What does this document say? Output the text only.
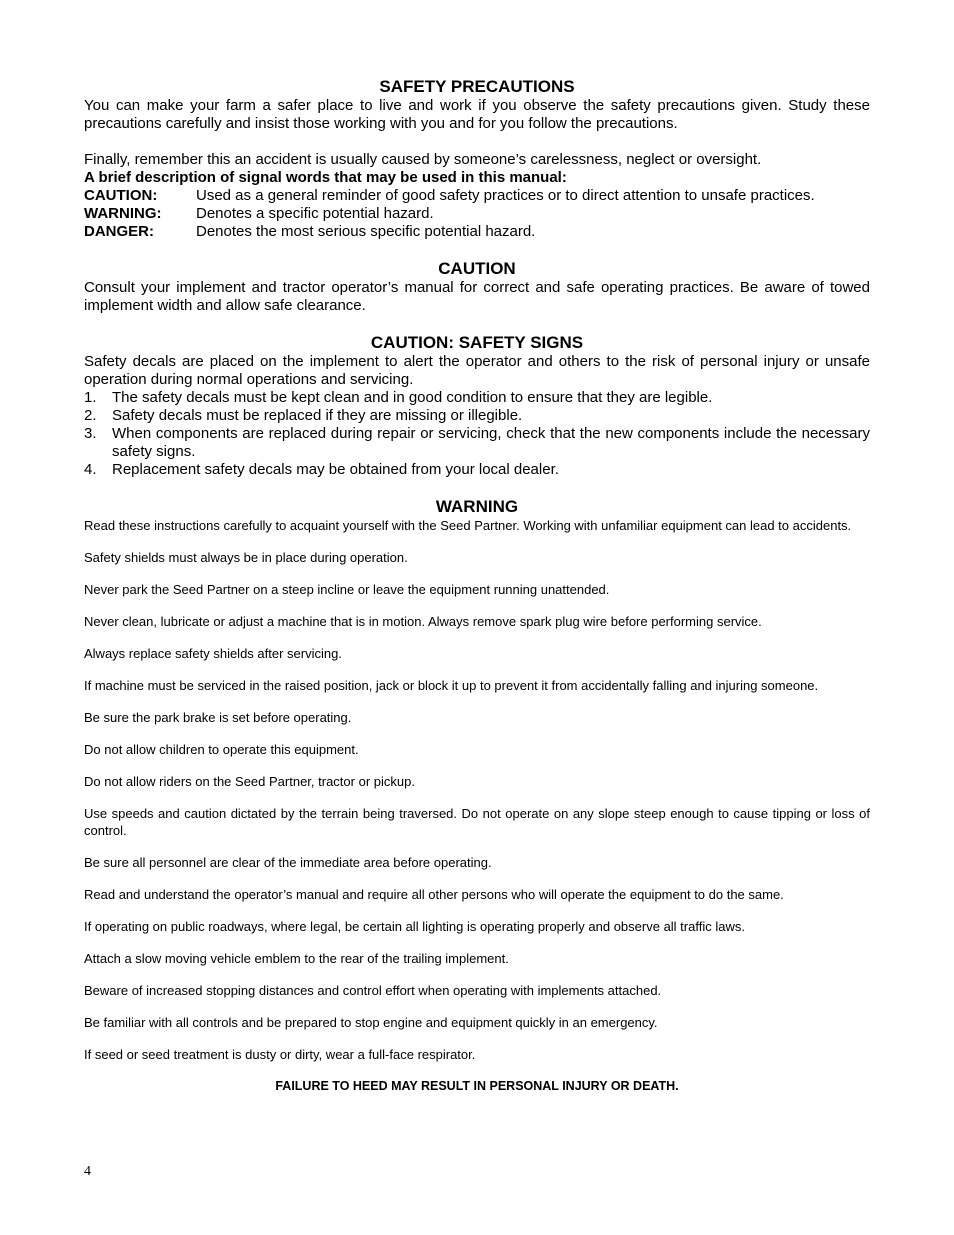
SAFETY PRECAUTIONS

You can make your farm a safer place to live and work if you observe the safety precautions given. Study these precautions carefully and insist those working with you and for you follow the precautions.

Finally, remember this an accident is usually caused by someone’s carelessness, neglect or oversight.

A brief description of signal words that may be used in this manual:

CAUTION:	Used as a general reminder of good safety practices or to direct attention to unsafe practices.
WARNING:	Denotes a specific potential hazard.
DANGER:	Denotes the most serious specific potential hazard.
CAUTION

Consult your implement and tractor operator’s manual for correct and safe operating practices. Be aware of towed implement width and allow safe clearance.

CAUTION: SAFETY SIGNS

Safety decals are placed on the implement to alert the operator and others to the risk of personal injury or unsafe operation during normal operations and servicing.

1.	The safety decals must be kept clean and in good condition to ensure that they are legible.
2.	Safety decals must be replaced if they are missing or illegible.
3.	When components are replaced during repair or servicing, check that the new components include the necessary safety signs.
4.	Replacement safety decals may be obtained from your local dealer.
WARNING

Read these instructions carefully to acquaint yourself with the Seed Partner. Working with unfamiliar equipment can lead to accidents.

Safety shields must always be in place during operation.

Never park the Seed Partner on a steep incline or leave the equipment running unattended.

Never clean, lubricate or adjust a machine that is in motion. Always remove spark plug wire before performing service.

Always replace safety shields after servicing.

If machine must be serviced in the raised position, jack or block it up to prevent it from accidentally falling and injuring someone.

Be sure the park brake is set before operating.

Do not allow children to operate this equipment.

Do not allow riders on the Seed Partner, tractor or pickup.

Use speeds and caution dictated by the terrain being traversed. Do not operate on any slope steep enough to cause tipping or loss of control.

Be sure all personnel are clear of the immediate area before operating.

Read and understand the operator’s manual and require all other persons who will operate the equipment to do the same.

If operating on public roadways, where legal, be certain all lighting is operating properly and observe all traffic laws.

Attach a slow moving vehicle emblem to the rear of the trailing implement.

Beware of increased stopping distances and control effort when operating with implements attached.

Be familiar with all controls and be prepared to stop engine and equipment quickly in an emergency.

If seed or seed treatment is dusty or dirty, wear a full-face respirator.

FAILURE TO HEED MAY RESULT IN PERSONAL INJURY OR DEATH.

4
